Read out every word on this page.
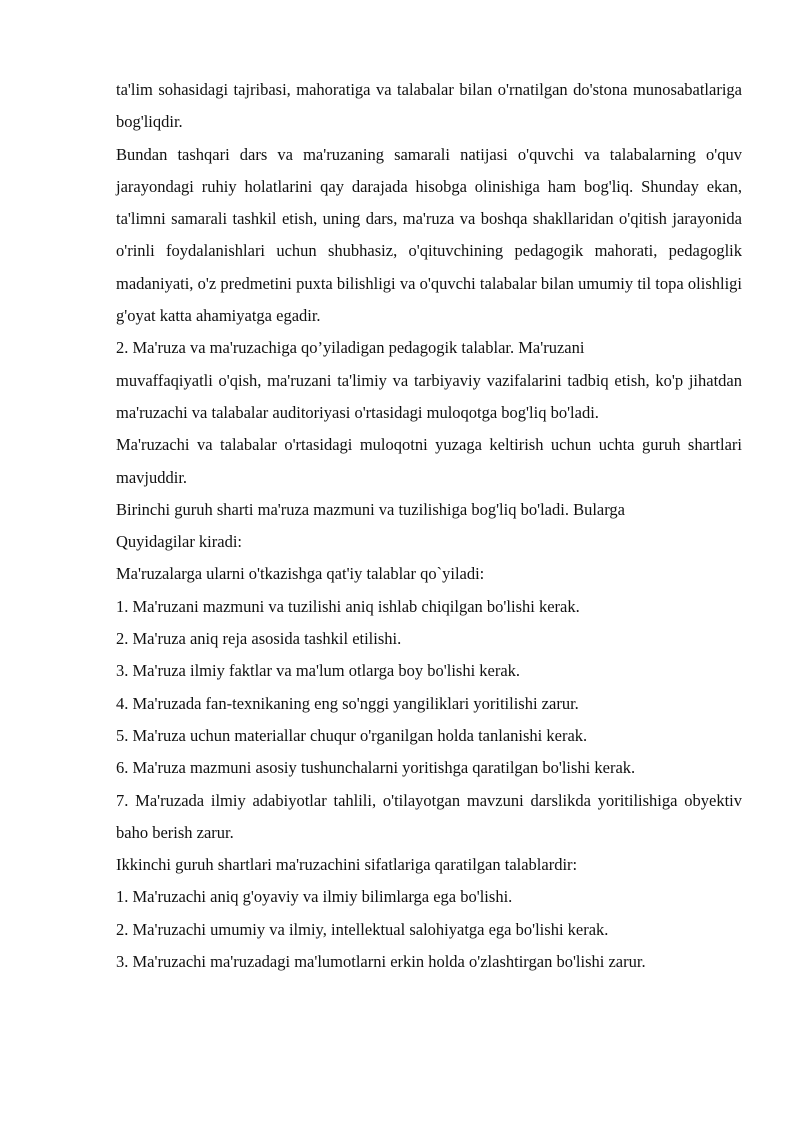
ta'lim sohasidagi tajribasi, mahoratiga va talabalar bilan o'rnatilgan do'stona munosabatlariga bog'liqdir.

Bundan tashqari dars va ma'ruzaning samarali natijasi o'quvchi va talabalarning o'quv jarayondagi ruhiy holatlarini qay darajada hisobga olinishiga ham bog'liq. Shunday ekan, ta'limni samarali tashkil etish, uning dars, ma'ruza va boshqa shakllaridan o'qitish jarayonida o'rinli foydalanishlari uchun shubhasiz, o'qituvchining pedagogik mahorati, pedagoglik madaniyati, o'z predmetini puxta bilishligi va o'quvchi talabalar bilan umumiy til topa olishligi g'oyat katta ahamiyatga egadir.

2. Ma'ruza va ma'ruzachiga qo’yiladigan pedagogik talablar. Ma'ruzani

muvaffaqiyatli o'qish, ma'ruzani ta'limiy va tarbiyaviy vazifalarini tadbiq etish, ko'p jihatdan ma'ruzachi va talabalar auditoriyasi o'rtasidagi muloqotga bog'liq bo'ladi.

Ma'ruzachi va talabalar o'rtasidagi muloqotni yuzaga keltirish uchun uchta guruh shartlari mavjuddir.

Birinchi guruh sharti ma'ruza mazmuni va tuzilishiga bog'liq bo'ladi. Bularga

Quyidagilar kiradi:

Ma'ruzalarga ularni o'tkazishga qat'iy talablar qo`yiladi:

1. Ma'ruzani mazmuni va tuzilishi aniq ishlab chiqilgan bo'lishi kerak.

2. Ma'ruza aniq reja asosida tashkil etilishi.

3. Ma'ruza ilmiy faktlar va ma'lum otlarga boy bo'lishi kerak.

4. Ma'ruzada fan-texnikaning eng so'nggi yangiliklari yoritilishi zarur.

5. Ma'ruza uchun materiallar chuqur o'rganilgan holda tanlanishi kerak.

6. Ma'ruza mazmuni asosiy tushunchalarni yoritishga qaratilgan bo'lishi kerak.

7. Ma'ruzada ilmiy adabiyotlar tahlili, o'tilayotgan mavzuni darslikda yoritilishiga obyektiv baho berish zarur.

Ikkinchi guruh shartlari ma'ruzachini sifatlariga qaratilgan talablardir:

1. Ma'ruzachi aniq g'oyaviy va ilmiy bilimlarga ega bo'lishi.

2. Ma'ruzachi umumiy va ilmiy, intellektual salohiyatga ega bo'lishi kerak.

3. Ma'ruzachi ma'ruzadagi ma'lumotlarni erkin holda o'zlashtirgan bo'lishi zarur.
